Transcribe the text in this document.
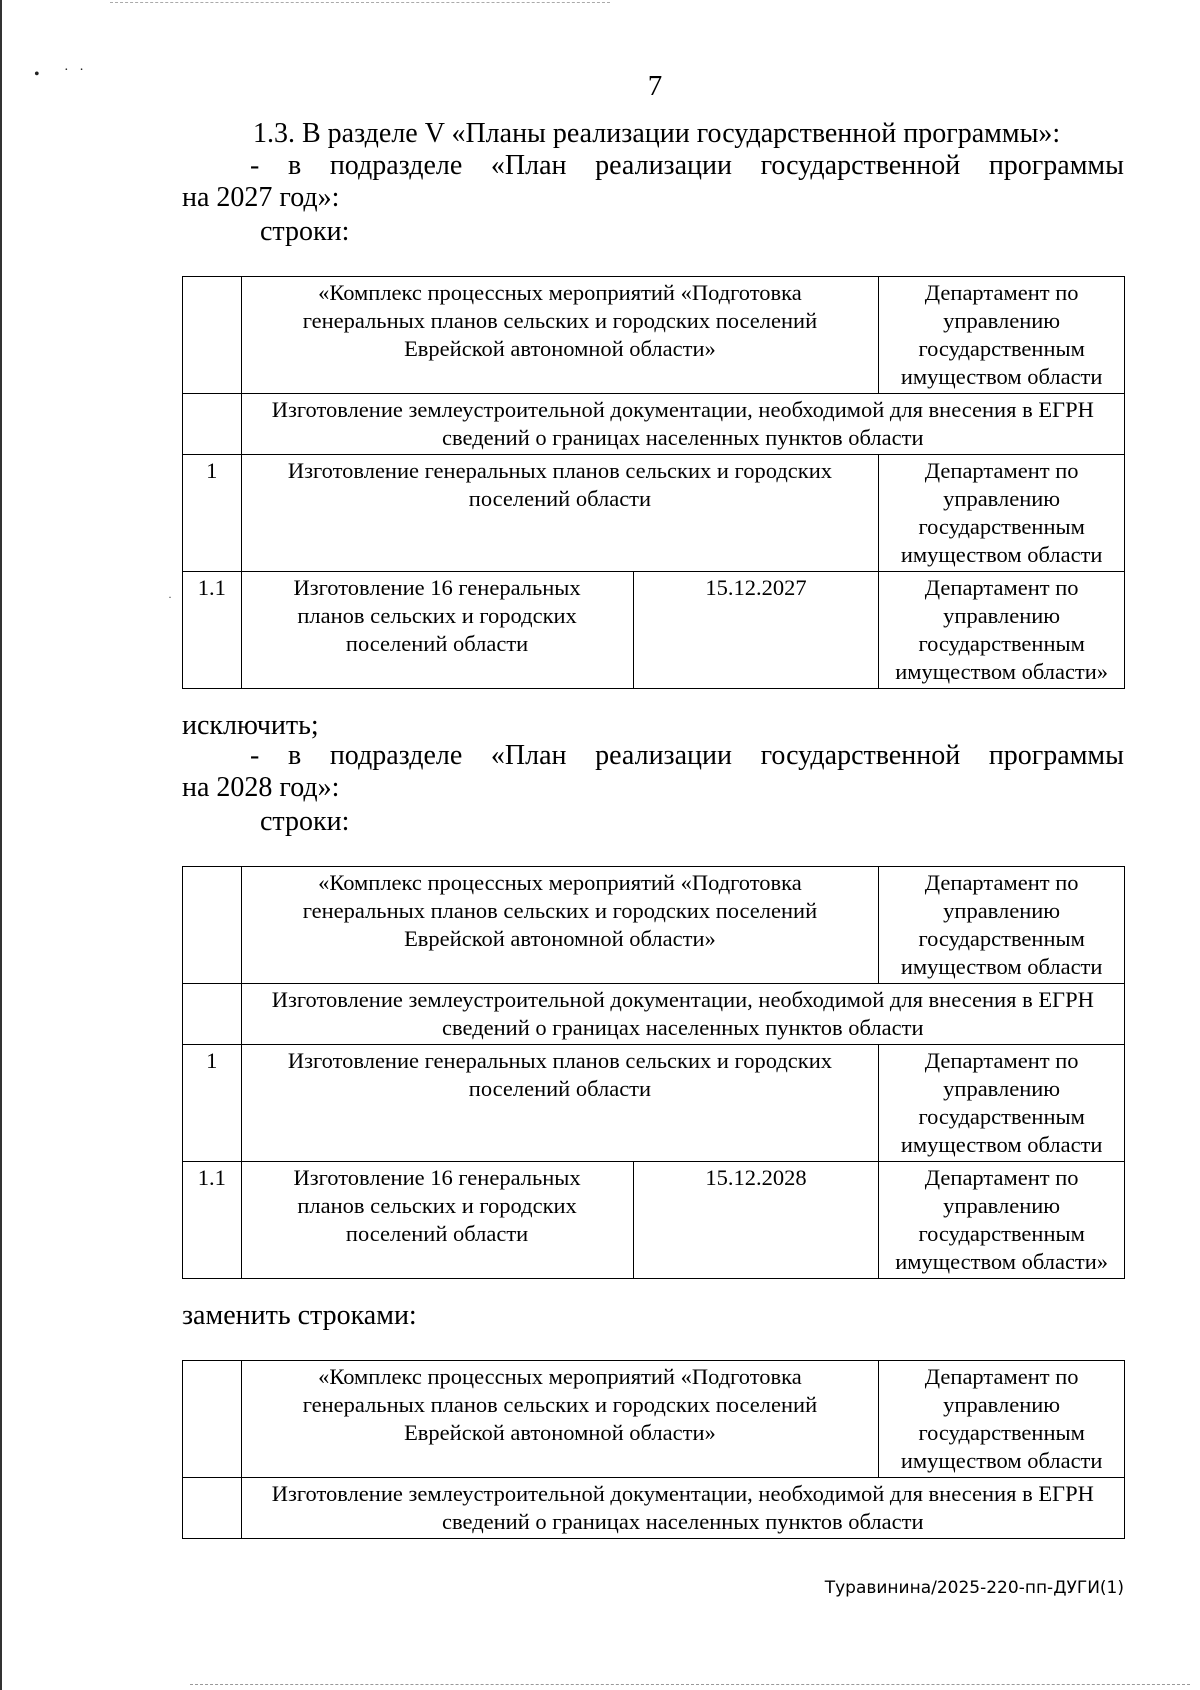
• ˙˙
·
7
1.3. В разделе V «Планы реализации государственной программы»:
- в подразделе «План реализации государственной программы
на 2027 год»:
строки:
	«Комплекс процессных мероприятий «Подготовка генеральных планов сельских и городских поселений Еврейской автономной области»		Департамент по управлению государственным имуществом области
	Изготовление землеустроительной документации, необходимой для внесения в ЕГРН сведений о границах населенных пунктов области		
1	Изготовление генеральных планов сельских и городских поселений области		Департамент по управлению государственным имуществом области
1.1	Изготовление 16 генеральных планов сельских и городских поселений области	15.12.2027	Департамент по управлению государственным имуществом области»
исключить;
- в подразделе «План реализации государственной программы
на 2028 год»:
строки:
	«Комплекс процессных мероприятий «Подготовка генеральных планов сельских и городских поселений Еврейской автономной области»		Департамент по управлению государственным имуществом области
	Изготовление землеустроительной документации, необходимой для внесения в ЕГРН сведений о границах населенных пунктов области		
1	Изготовление генеральных планов сельских и городских поселений области		Департамент по управлению государственным имуществом области
1.1	Изготовление 16 генеральных планов сельских и городских поселений области	15.12.2028	Департамент по управлению государственным имуществом области»
заменить строками:
	«Комплекс процессных мероприятий «Подготовка генеральных планов сельских и городских поселений Еврейской автономной области»	Департамент по управлению государственным имуществом области
	Изготовление землеустроительной документации, необходимой для внесения в ЕГРН сведений о границах населенных пунктов области	
Туравинина/2025-220-пп-ДУГИ(1)
